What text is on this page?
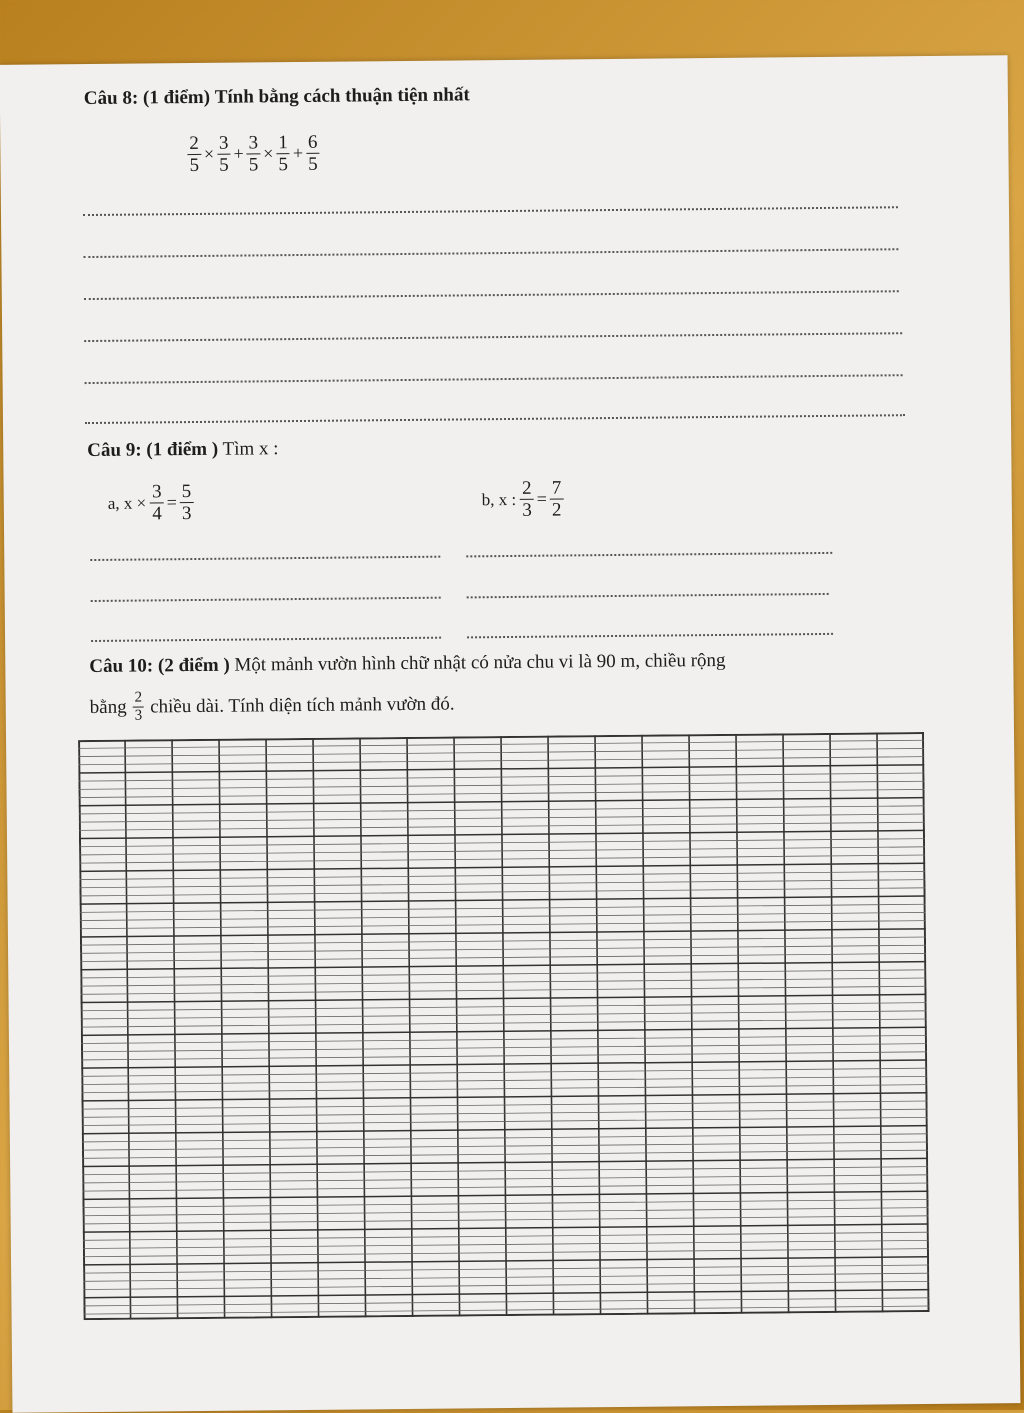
Câu 8: (1 điểm) Tính bằng cách thuận tiện nhất
$\frac{2}{5} \times \frac{3}{5} + \frac{3}{5} \times \frac{1}{5} + \frac{6}{5}$
Câu 9: (1 điểm ) Tìm x :
a, $x \times \frac{3}{4} = \frac{5}{3}$	b, x : $\frac{2}{3} = \frac{7}{2}$
Câu 10: (2 điểm ) Một mảnh vườn hình chữ nhật có nửa chu vi là 90 m, chiều rộng
bằng $\frac{2}{3}$ chiều dài. Tính diện tích mảnh vườn đó.
